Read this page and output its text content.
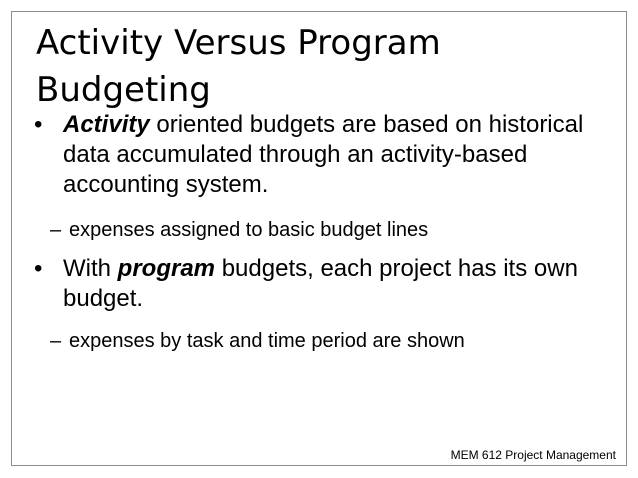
Activity Versus Program Budgeting
• Activity oriented budgets are based on historical data accumulated through an activity-based accounting system.
– expenses assigned to basic budget lines
• With program budgets, each project has its own budget.
– expenses by task and time period are shown
MEM 612 Project Management
